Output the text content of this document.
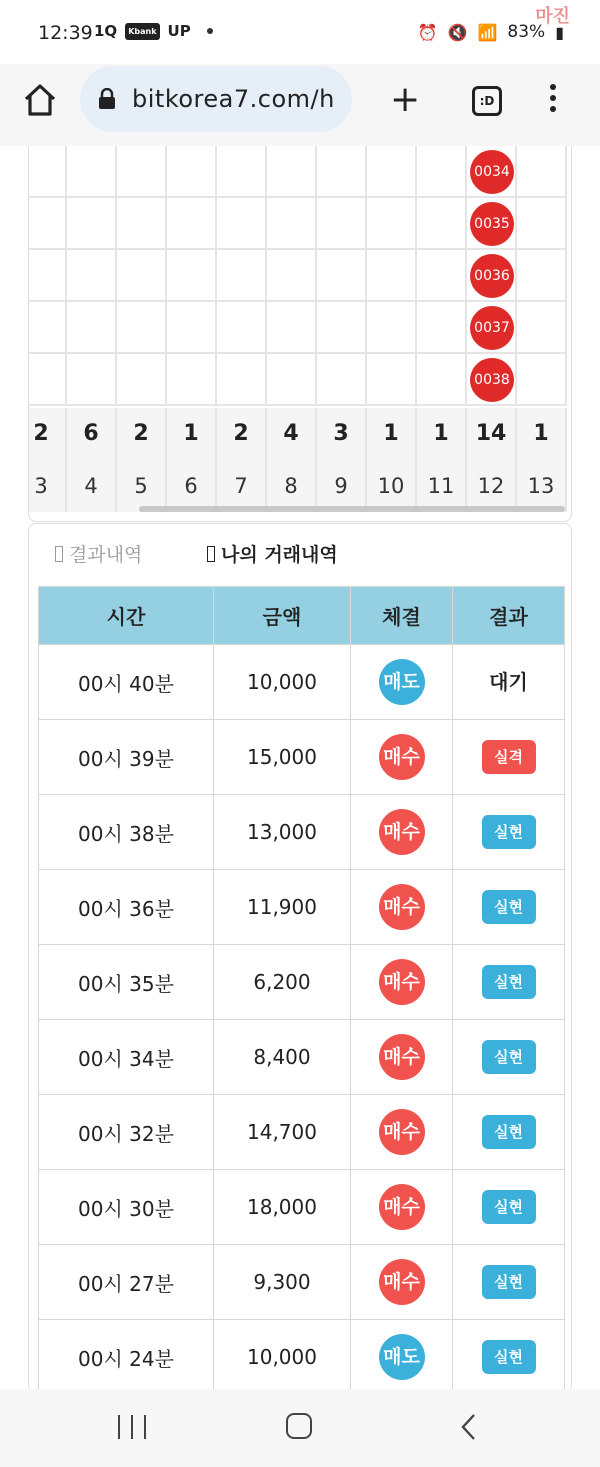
12:39 1Q	Kbank UP
마진
⏰ 🔇 📶 83% ▮
bitkorea7.com/h +	:D
0034
0035
0036
0037
0038
2	6	2	1	2	4	3	1	1	14	1
3	4	5	6	7	8	9	10	11	12	13
결과내역	나의 거래내역
시간	금액	체결	결과
00시 40분	10,000	매도	대기
00시 39분	15,000	매수	실격
00시 38분	13,000	매수	실현
00시 36분	11,900	매수	실현
00시 35분	6,200	매수	실현
00시 34분	8,400	매수	실현
00시 32분	14,700	매수	실현
00시 30분	18,000	매수	실현
00시 27분	9,300	매수	실현
00시 24분	10,000	매도	실현
